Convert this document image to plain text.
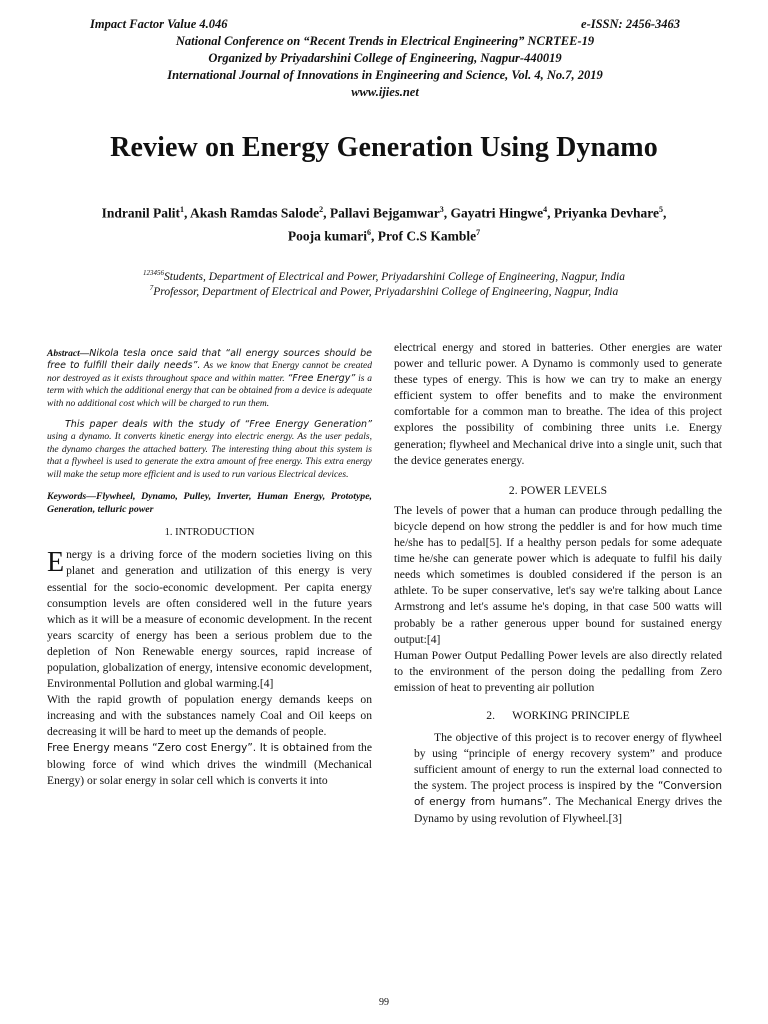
Impact Factor Value 4.046	e-ISSN: 2456-3463
National Conference on “Recent Trends in Electrical Engineering” NCRTEE-19
Organized by Priyadarshini College of Engineering, Nagpur-440019
International Journal of Innovations in Engineering and Science, Vol. 4, No.7, 2019
www.ijies.net
Review on Energy Generation Using Dynamo
Indranil Palit$^1$, Akash Ramdas Salode$^2$, Pallavi Bejgamwar$^3$, Gayatri Hingwe$^4$, Priyanka Devhare$^5$,
Pooja kumari$^6$, Prof C.S Kamble$^7$
$^{123456}$Students, Department of Electrical and Power, Priyadarshini College of Engineering, Nagpur, India
$^7$Professor, Department of Electrical and Power, Priyadarshini College of Engineering, Nagpur, India

Abstract—Nikola tesla once said that “all energy sources should be free to fulfill their daily needs”. As we know that Energy cannot be created nor destroyed as it exists throughout space and within matter. “Free Energy” is a term with which the additional energy that can be obtained from a device is adequate with no additional cost which will be charged to run them.

This paper deals with the study of “Free Energy Generation” using a dynamo. It converts kinetic energy into electric energy. As the user pedals, the dynamo charges the attached battery. The interesting thing about this system is that a flywheel is used to generate the extra amount of free energy. This extra energy will make the setup more efficient and is used to run various Electrical devices.

Keywords—Flywheel, Dynamo, Pulley, Inverter, Human Energy, Prototype, Generation, telluric power
1. INTRODUCTION

Energy is a driving force of the modern societies living on this planet and generation and utilization of this energy is very essential for the socio-economic development. Per capita energy consumption levels are often considered well in the future years which as it will be a measure of economic development. In the recent years scarcity of energy has been a serious problem due to the depletion of Non Renewable energy sources, rapid increase of population, globalization of energy, intensive economic development, Environmental Pollution and global warming.[4]

With the rapid growth of population energy demands keeps on increasing and with the substances namely Coal and Oil keeps on decreasing it will be hard to meet up the demands of people.

Free Energy means “Zero cost Energy”. It is obtained from the blowing force of wind which drives the windmill (Mechanical Energy) or solar energy in solar cell which is converts it into

electrical energy and stored in batteries. Other energies are water power and telluric power. A Dynamo is commonly used to generate these types of energy. This is how we can try to make an energy efficient system to offer benefits and to make the environment comfortable for a common man to breathe. The idea of this project explores the possibility of combining three units i.e. Energy generation; flywheel and Mechanical drive into a single unit, such that the device generates energy.

2. POWER LEVELS

The levels of power that a human can produce through pedalling the bicycle depend on how strong the peddler is and for how much time he/she has to pedal[5]. If a healthy person pedals for some adequate time he/she can generate power which is adequate to fulfil his daily needs which sometimes is doubled considered if the person is an athlete. To be super conservative, let's say we're talking about Lance Armstrong and let's assume he's doping, in that case 500 watts will probably be a rather generous upper bound for sustained energy output:[4]

Human Power Output Pedalling Power levels are also directly related to the environment of the person doing the pedalling from Zero emission of heat to preventing air pollution

2.      WORKING PRINCIPLE

The objective of this project is to recover energy of flywheel by using “principle of energy recovery system” and produce sufficient amount of energy to run the external load connected to the system. The project process is inspired by the “Conversion of energy from humans”. The Mechanical Energy drives the Dynamo by using revolution of Flywheel.[3]

99
